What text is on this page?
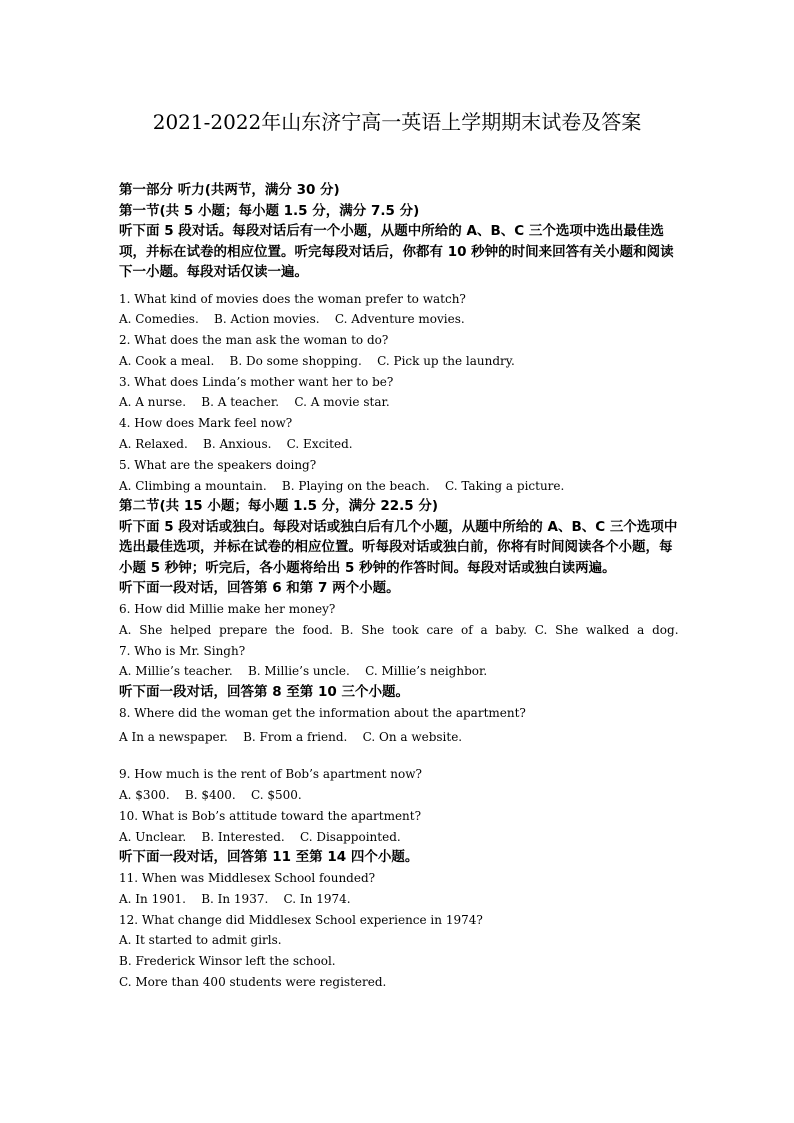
2021-2022年山东济宁高一英语上学期期末试卷及答案

第一部分 听力(共两节，满分 30 分)

第一节(共 5 小题；每小题 1.5 分，满分 7.5 分)

听下面 5 段对话。每段对话后有一个小题，从题中所给的 A、B、C 三个选项中选出最佳选项，并标在试卷的相应位置。听完每段对话后，你都有 10 秒钟的时间来回答有关小题和阅读下一小题。每段对话仅读一遍。

1. What kind of movies does the woman prefer to watch?

A. Comedies.    B. Action movies.    C. Adventure movies.

2. What does the man ask the woman to do?

A. Cook a meal.    B. Do some shopping.    C. Pick up the laundry.

3. What does Linda’s mother want her to be?

A. A nurse.    B. A teacher.    C. A movie star.

4. How does Mark feel now?

A. Relaxed.    B. Anxious.    C. Excited.

5. What are the speakers doing?

A. Climbing a mountain.    B. Playing on the beach.    C. Taking a picture.

第二节(共 15 小题；每小题 1.5 分，满分 22.5 分)

听下面 5 段对话或独白。每段对话或独白后有几个小题，从题中所给的 A、B、C 三个选项中选出最佳选项，并标在试卷的相应位置。听每段对话或独白前，你将有时间阅读各个小题，每小题 5 秒钟；听完后，各小题将给出 5 秒钟的作答时间。每段对话或独白读两遍。

听下面一段对话，回答第 6 和第 7 两个小题。

6. How did Millie make her money?

A. She helped prepare the food. B. She took care of a baby. C. She walked a dog.

7. Who is Mr. Singh?

A. Millie’s teacher.    B. Millie’s uncle.    C. Millie’s neighbor.

听下面一段对话，回答第 8 至第 10 三个小题。

8. Where did the woman get the information about the apartment?

A In a newspaper.    B. From a friend.    C. On a website.

9. How much is the rent of Bob’s apartment now?

A. $300.    B. $400.    C. $500.

10. What is Bob’s attitude toward the apartment?

A. Unclear.    B. Interested.    C. Disappointed.

听下面一段对话，回答第 11 至第 14 四个小题。

11. When was Middlesex School founded?

A. In 1901.    B. In 1937.    C. In 1974.

12. What change did Middlesex School experience in 1974?

A. It started to admit girls.

B. Frederick Winsor left the school.

C. More than 400 students were registered.
